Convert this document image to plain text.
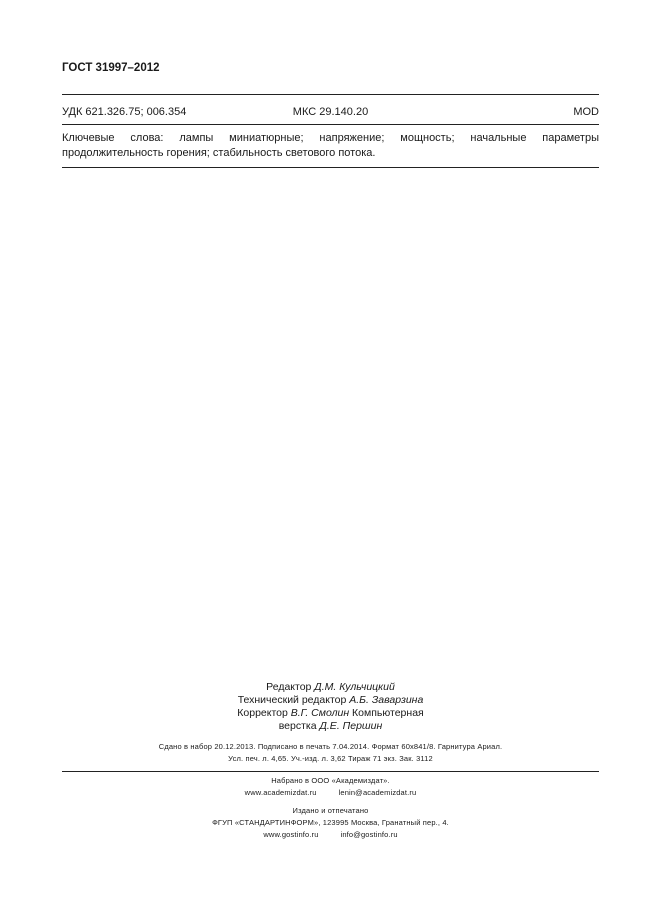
ГОСТ 31997–2012
УДК 621.326.75; 006.354	МКС 29.140.20	MOD
Ключевые слова: лампы миниатюрные; напряжение; мощность; начальные параметры продолжительность горения; стабильность светового потока.
Редактор Д.М. Кульчицкий
Технический редактор А.Б. Заварзина
Корректор В.Г. Смолин Компьютерная
верстка Д.Е. Першин
Сдано в набор 20.12.2013. Подписано в печать 7.04.2014. Формат 60x841/8. Гарнитура Ариал.
Усл. печ. л. 4,65. Уч.-изд. л. 3,62 Тираж 71 экз. Зак. 3112
Набрано в ООО «Академиздат».
www.academizdat.ru	lenin@academizdat.ru
Издано и отпечатано
ФГУП «СТАНДАРТИНФОРМ», 123995 Москва, Гранатный пер., 4.
www.gostinfo.ru	info@gostinfo.ru
